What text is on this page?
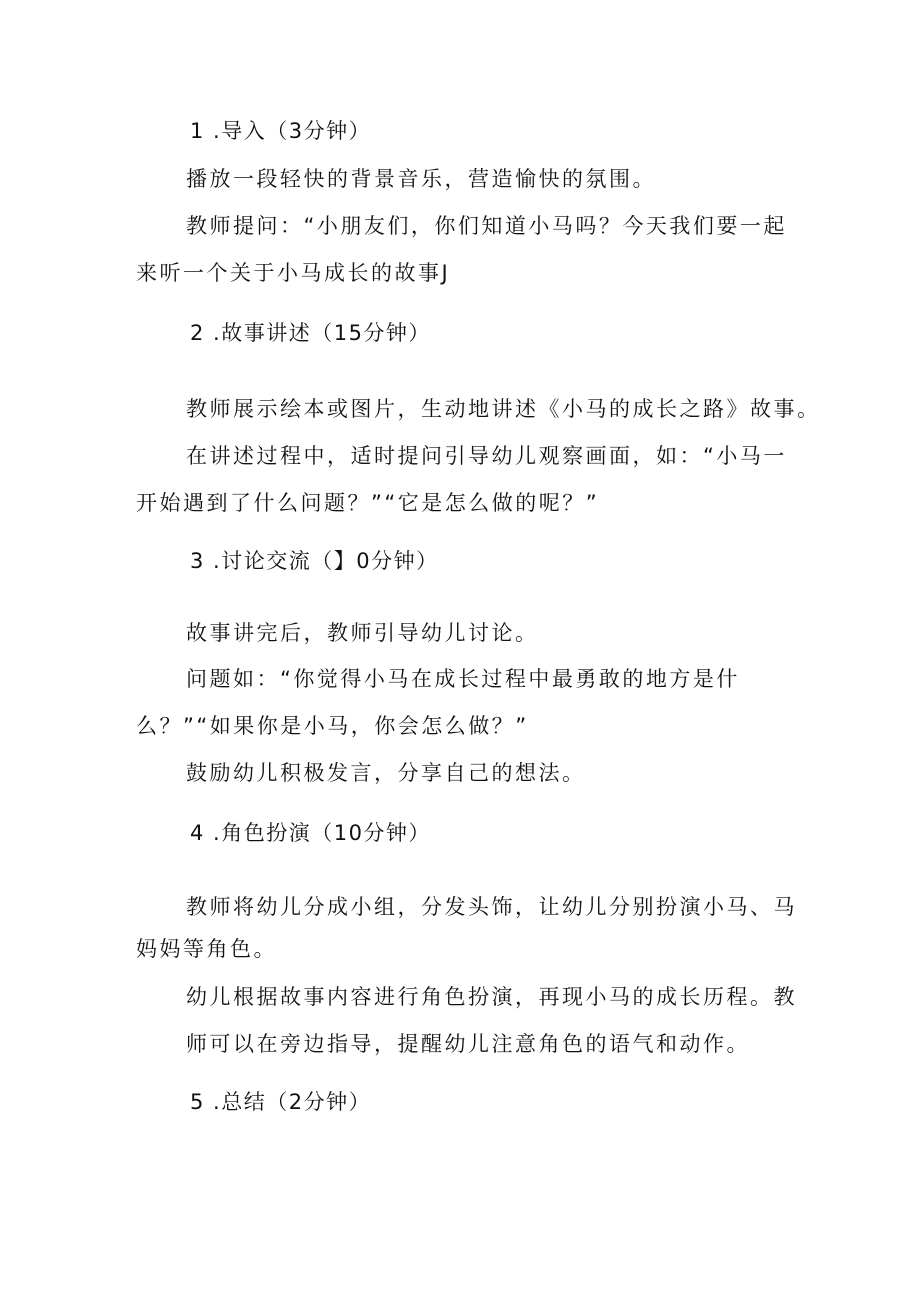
1 .导入（3分钟）
播放一段轻快的背景音乐，营造愉快的氛围。
教师提问：“小朋友们，你们知道小马吗？今天我们要一起
来听一个关于小马成长的故事J
2 .故事讲述（15分钟）
教师展示绘本或图片，生动地讲述《小马的成长之路》故事。
在讲述过程中，适时提问引导幼儿观察画面，如：“小马一
开始遇到了什么问题？”“它是怎么做的呢？”
3 .讨论交流（】0分钟）
故事讲完后，教师引导幼儿讨论。
问题如：“你觉得小马在成长过程中最勇敢的地方是什
么？”“如果你是小马，你会怎么做？”
鼓励幼儿积极发言，分享自己的想法。
4 .角色扮演（10分钟）
教师将幼儿分成小组，分发头饰，让幼儿分别扮演小马、马
妈妈等角色。
幼儿根据故事内容进行角色扮演，再现小马的成长历程。教
师可以在旁边指导，提醒幼儿注意角色的语气和动作。
5 .总结（2分钟）
